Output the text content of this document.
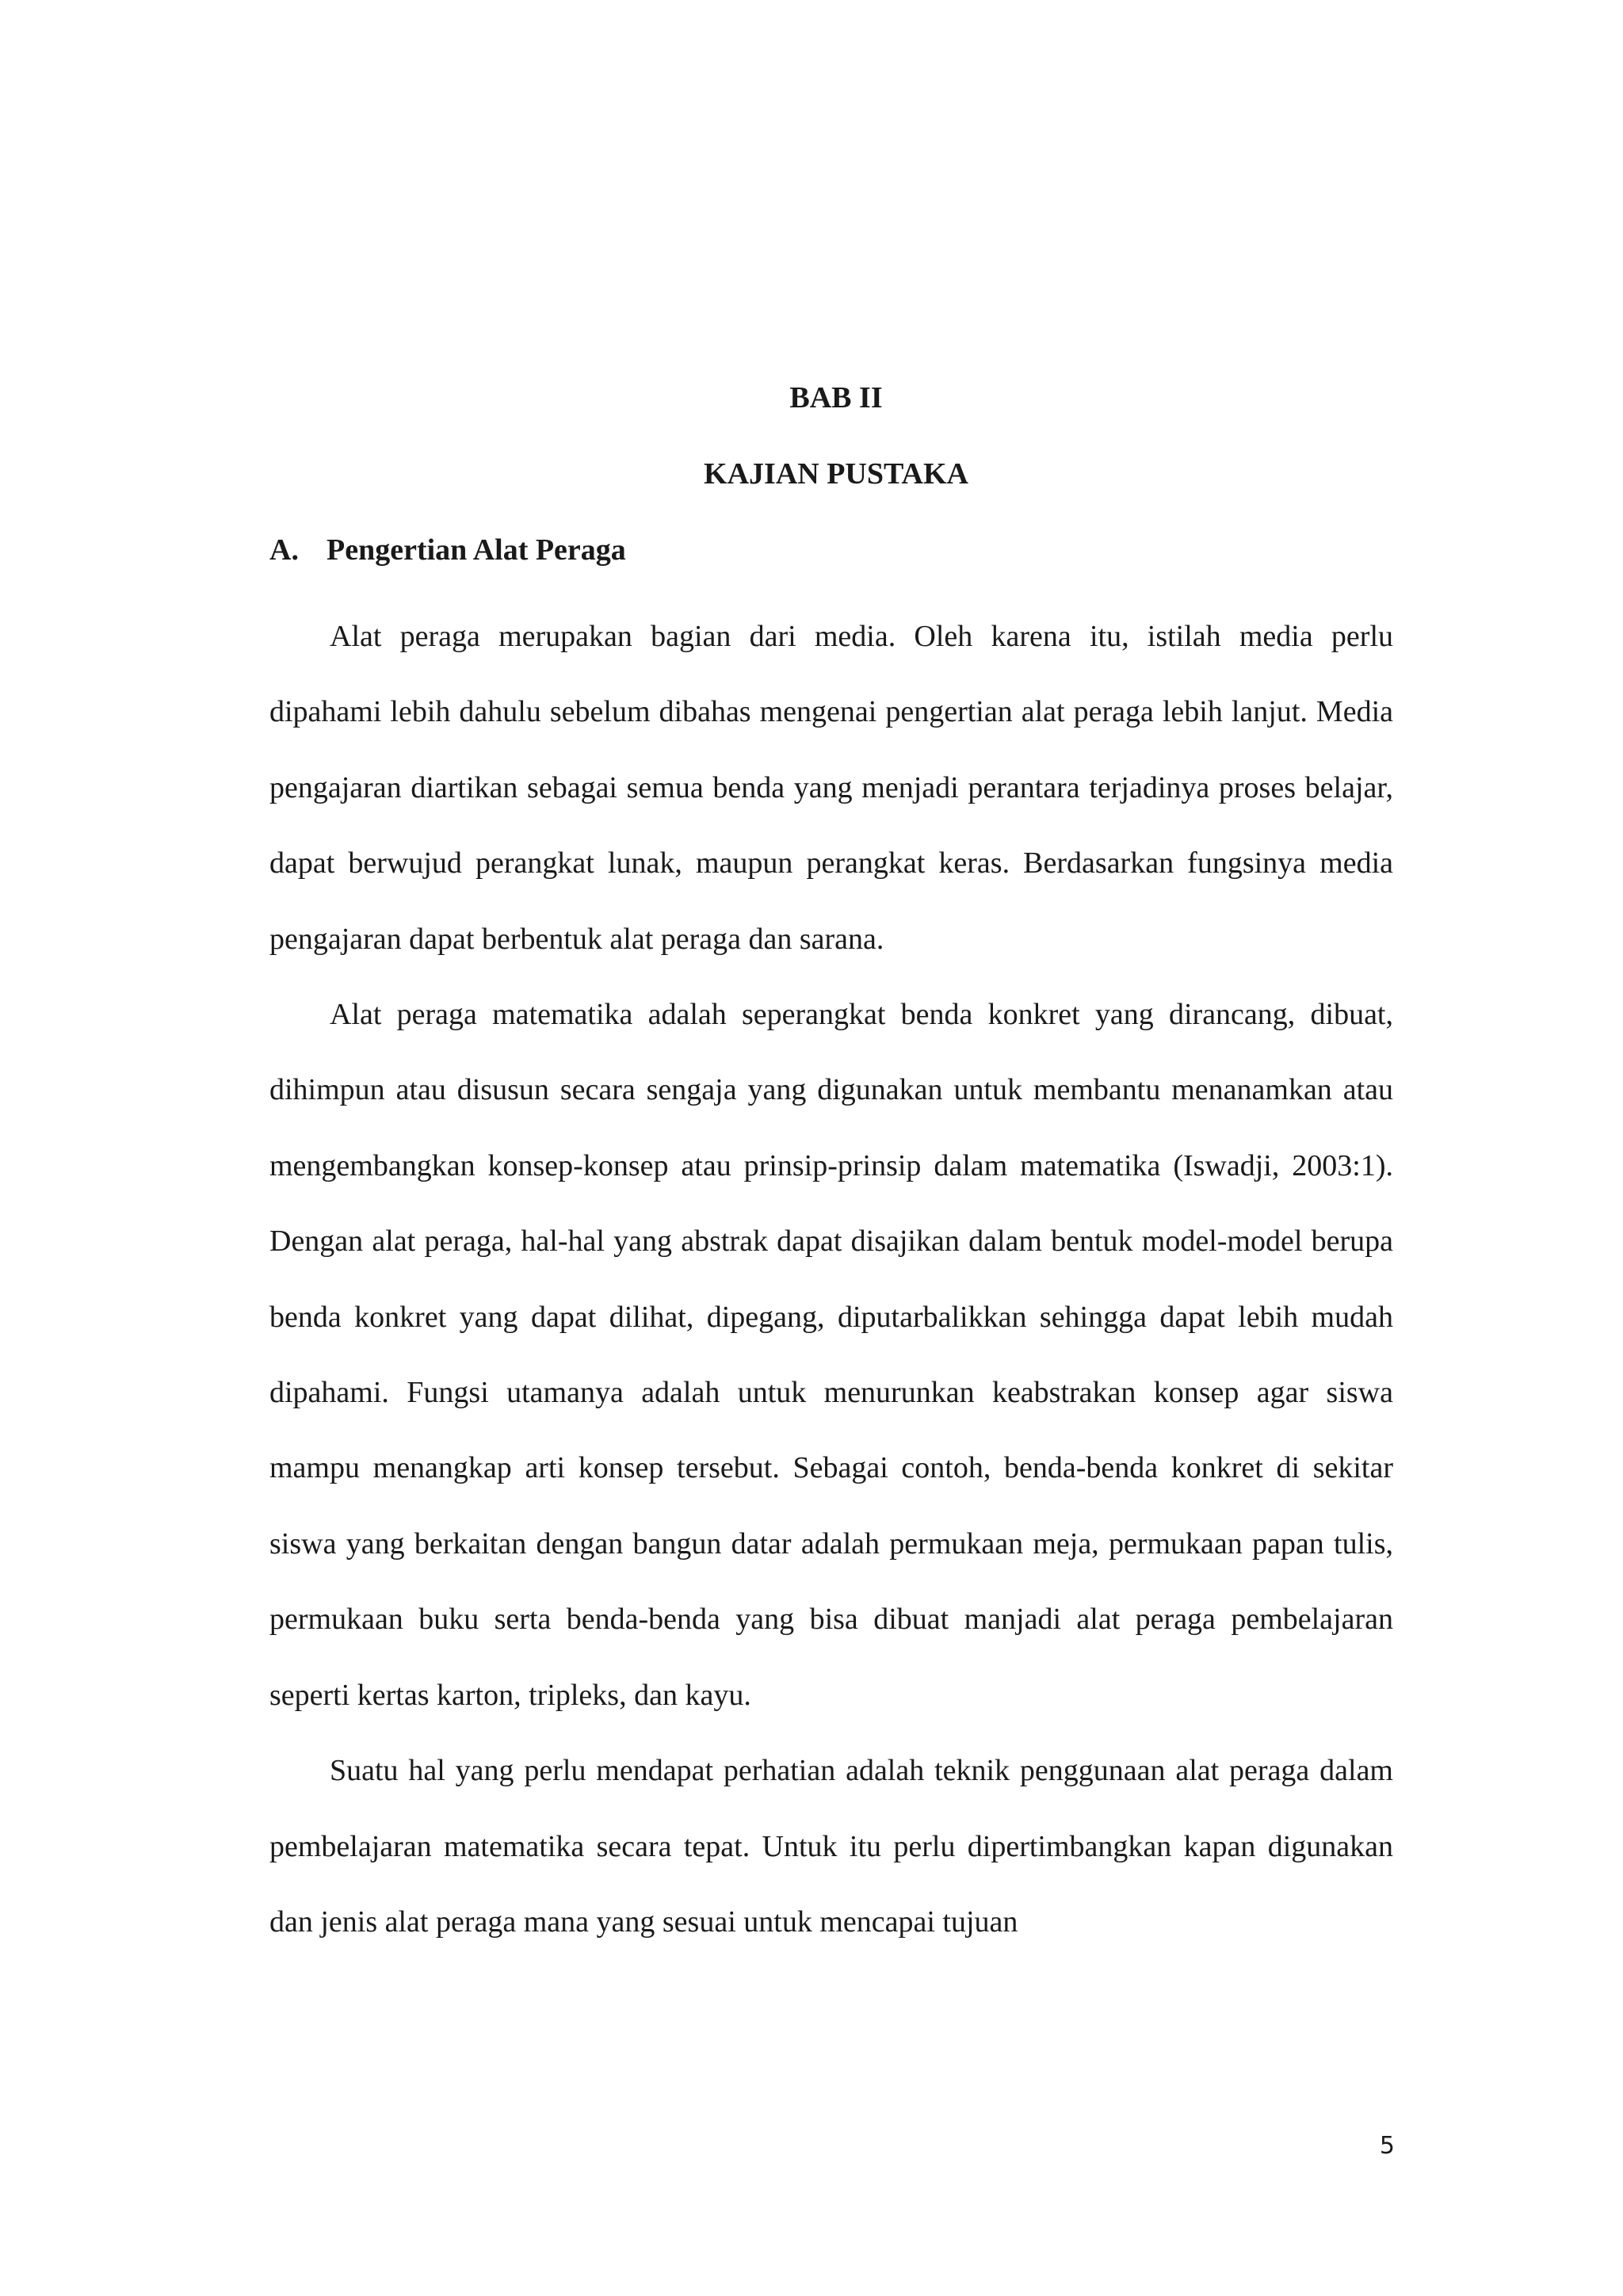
BAB II
KAJIAN PUSTAKA
A. Pengertian Alat Peraga

Alat peraga merupakan bagian dari media. Oleh karena itu, istilah media perlu dipahami lebih dahulu sebelum dibahas mengenai pengertian alat peraga lebih lanjut. Media pengajaran diartikan sebagai semua benda yang menjadi perantara terjadinya proses belajar, dapat berwujud perangkat lunak, maupun perangkat keras. Berdasarkan fungsinya media pengajaran dapat berbentuk alat peraga dan sarana.

Alat peraga matematika adalah seperangkat benda konkret yang dirancang, dibuat, dihimpun atau disusun secara sengaja yang digunakan untuk membantu menanamkan atau mengembangkan konsep-konsep atau prinsip-prinsip dalam matematika (Iswadji, 2003:1). Dengan alat peraga, hal-hal yang abstrak dapat disajikan dalam bentuk model-model berupa benda konkret yang dapat dilihat, dipegang, diputarbalikkan sehingga dapat lebih mudah dipahami. Fungsi utamanya adalah untuk menurunkan keabstrakan konsep agar siswa mampu menangkap arti konsep tersebut. Sebagai contoh, benda-benda konkret di sekitar siswa yang berkaitan dengan bangun datar adalah permukaan meja, permukaan papan tulis, permukaan buku serta benda-benda yang bisa dibuat manjadi alat peraga pembelajaran seperti kertas karton, tripleks, dan kayu.

Suatu hal yang perlu mendapat perhatian adalah teknik penggunaan alat peraga dalam pembelajaran matematika secara tepat. Untuk itu perlu dipertimbangkan kapan digunakan dan jenis alat peraga mana yang sesuai untuk mencapai tujuan

5
